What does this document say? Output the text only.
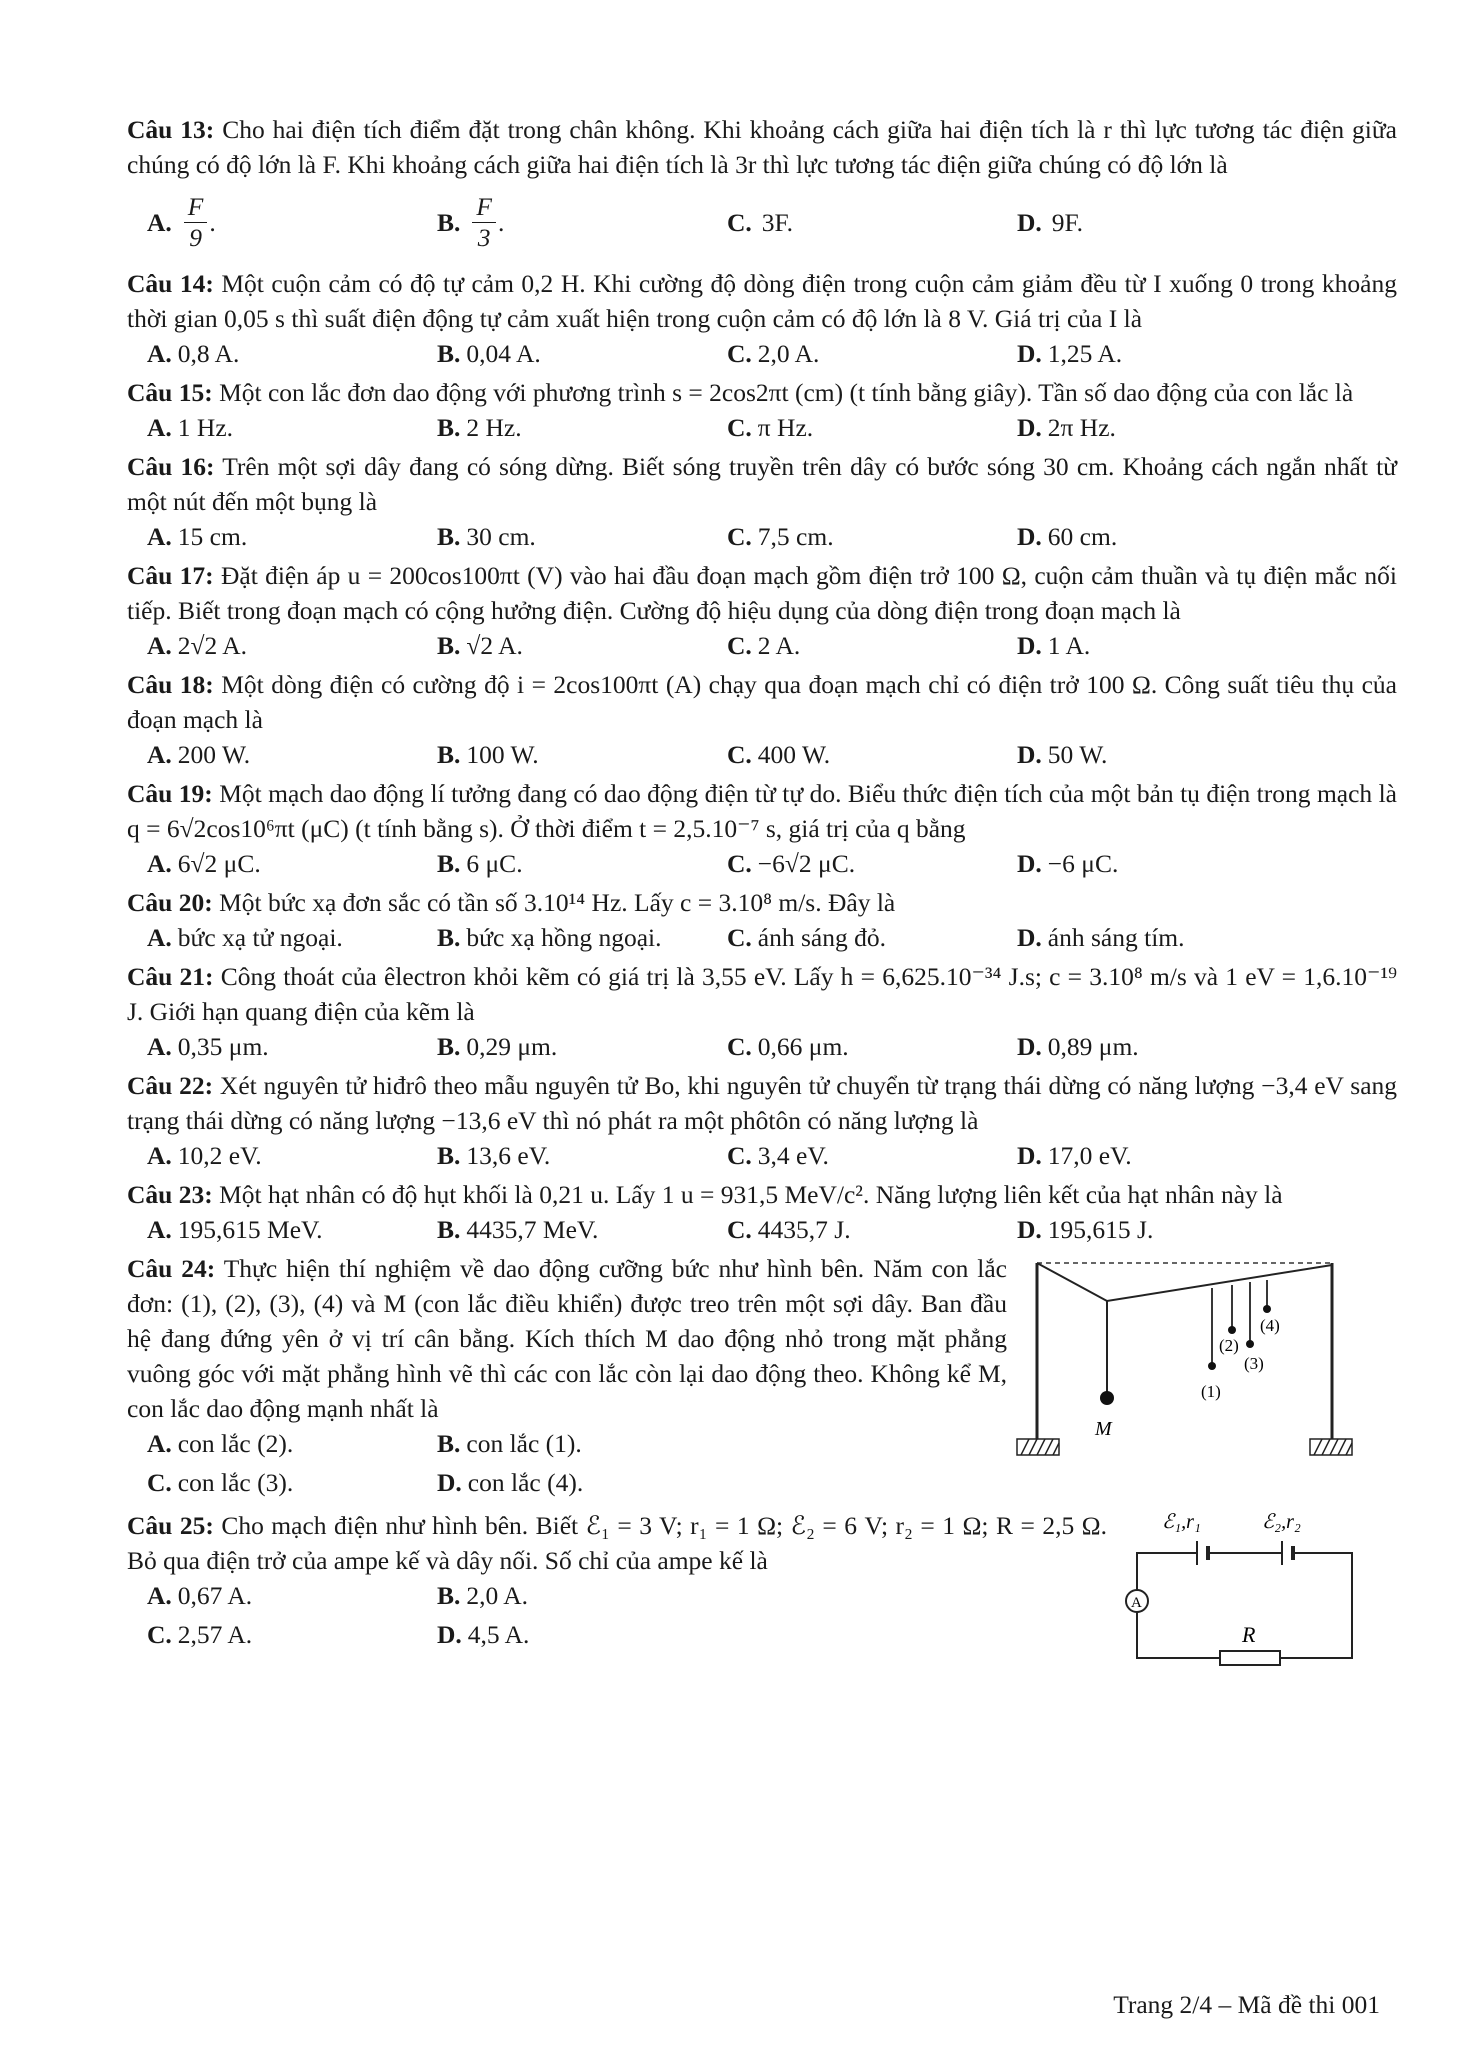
Câu 13: Cho hai điện tích điểm đặt trong chân không. Khi khoảng cách giữa hai điện tích là r thì lực tương tác điện giữa chúng có độ lớn là F. Khi khoảng cách giữa hai điện tích là 3r thì lực tương tác điện giữa chúng có độ lớn là

A. $\frac{F}{9}$ .	B. $\frac{F}{3}$ .	C. 3F.	D. 9F.

Câu 14: Một cuộn cảm có độ tự cảm 0,2 H. Khi cường độ dòng điện trong cuộn cảm giảm đều từ I xuống 0 trong khoảng thời gian 0,05 s thì suất điện động tự cảm xuất hiện trong cuộn cảm có độ lớn là 8 V. Giá trị của I là

A. 0,8 A.	B. 0,04 A.	C. 2,0 A.	D. 1,25 A.

Câu 15: Một con lắc đơn dao động với phương trình s = 2cos2πt (cm) (t tính bằng giây). Tần số dao động của con lắc là

A. 1 Hz.	B. 2 Hz.	C. π Hz.	D. 2π Hz.

Câu 16: Trên một sợi dây đang có sóng dừng. Biết sóng truyền trên dây có bước sóng 30 cm. Khoảng cách ngắn nhất từ một nút đến một bụng là

A. 15 cm.	B. 30 cm.	C. 7,5 cm.	D. 60 cm.

Câu 17: Đặt điện áp u = 200cos100πt (V) vào hai đầu đoạn mạch gồm điện trở 100 Ω, cuộn cảm thuần và tụ điện mắc nối tiếp. Biết trong đoạn mạch có cộng hưởng điện. Cường độ hiệu dụng của dòng điện trong đoạn mạch là

A. 2√2 A.	B. √2 A.	C. 2 A.	D. 1 A.

Câu 18: Một dòng điện có cường độ i = 2cos100πt (A) chạy qua đoạn mạch chỉ có điện trở 100 Ω. Công suất tiêu thụ của đoạn mạch là

A. 200 W.	B. 100 W.	C. 400 W.	D. 50 W.

Câu 19: Một mạch dao động lí tưởng đang có dao động điện từ tự do. Biểu thức điện tích của một bản tụ điện trong mạch là q = 6√2cos10⁶πt (μC) (t tính bằng s). Ở thời điểm t = 2,5.10⁻⁷ s, giá trị của q bằng

A. 6√2 μC.	B. 6 μC.	C. −6√2 μC.	D. −6 μC.

Câu 20: Một bức xạ đơn sắc có tần số 3.10¹⁴ Hz. Lấy c = 3.10⁸ m/s. Đây là

A. bức xạ tử ngoại.	B. bức xạ hồng ngoại.	C. ánh sáng đỏ.	D. ánh sáng tím.

Câu 21: Công thoát của êlectron khỏi kẽm có giá trị là 3,55 eV. Lấy h = 6,625.10⁻³⁴ J.s; c = 3.10⁸ m/s và 1 eV = 1,6.10⁻¹⁹ J. Giới hạn quang điện của kẽm là

A. 0,35 μm.	B. 0,29 μm.	C. 0,66 μm.	D. 0,89 μm.

Câu 22: Xét nguyên tử hiđrô theo mẫu nguyên tử Bo, khi nguyên tử chuyển từ trạng thái dừng có năng lượng −3,4 eV sang trạng thái dừng có năng lượng −13,6 eV thì nó phát ra một phôtôn có năng lượng là

A. 10,2 eV.	B. 13,6 eV.	C. 3,4 eV.	D. 17,0 eV.

Câu 23: Một hạt nhân có độ hụt khối là 0,21 u. Lấy 1 u = 931,5 MeV/c². Năng lượng liên kết của hạt nhân này là

A. 195,615 MeV.	B. 4435,7 MeV.	C. 4435,7 J.	D. 195,615 J.

Câu 24: Thực hiện thí nghiệm về dao động cưỡng bức như hình bên. Năm con lắc đơn: (1), (2), (3), (4) và M (con lắc điều khiển) được treo trên một sợi dây. Ban đầu hệ đang đứng yên ở vị trí cân bằng. Kích thích M dao động nhỏ trong mặt phẳng vuông góc với mặt phẳng hình vẽ thì các con lắc còn lại dao động theo. Không kể M, con lắc dao động mạnh nhất là

A. con lắc (2).	B. con lắc (1).
C. con lắc (3).	D. con lắc (4).
M
(1)
(2)
(3)
(4)

Câu 25: Cho mạch điện như hình bên. Biết ℰ₁ = 3 V; r₁ = 1 Ω; ℰ₂ = 6 V; r₂ = 1 Ω; R = 2,5 Ω. Bỏ qua điện trở của ampe kế và dây nối. Số chỉ của ampe kế là

A. 0,67 A.	B. 2,0 A.
C. 2,57 A.	D. 4,5 A.
ℰ₁,r₁	ℰ₂,r₂
A
R
Trang 2/4 – Mã đề thi 001
